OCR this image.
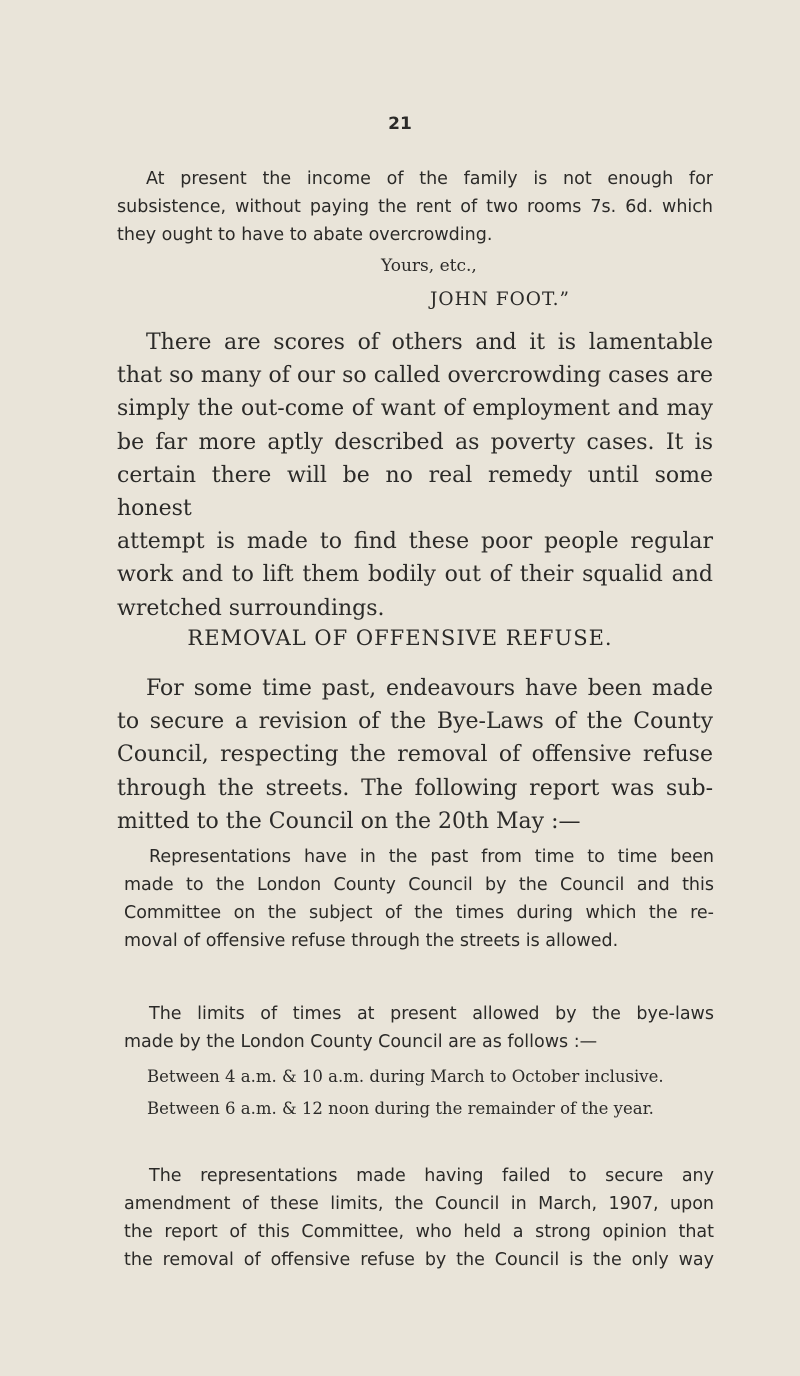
21
At present the income of the family is not enough for
subsistence, without paying the rent of two rooms 7s. 6d. which
they ought to have to abate overcrowding.
Yours, etc.,
JOHN FOOT.”
There are scores of others and it is lamentable
that so many of our so called overcrowding cases are
simply the out-come of want of employment and may
be far more aptly described as poverty cases. It is
certain there will be no real remedy until some honest
attempt is made to find these poor people regular
work and to lift them bodily out of their squalid and
wretched surroundings.
REMOVAL OF OFFENSIVE REFUSE.
For some time past, endeavours have been made
to secure a revision of the Bye-Laws of the County
Council, respecting the removal of offensive refuse
through the streets. The following report was sub-
mitted to the Council on the 20th May :—
Representations have in the past from time to time been
made to the London County Council by the Council and this
Committee on the subject of the times during which the re-
moval of offensive refuse through the streets is allowed.
The limits of times at present allowed by the bye-laws
made by the London County Council are as follows :—
Between 4 a.m. & 10 a.m. during March to October inclusive.
Between 6 a.m. & 12 noon during the remainder of the year.
The representations made having failed to secure any
amendment of these limits, the Council in March, 1907, upon
the report of this Committee, who held a strong opinion that
the removal of offensive refuse by the Council is the only way
